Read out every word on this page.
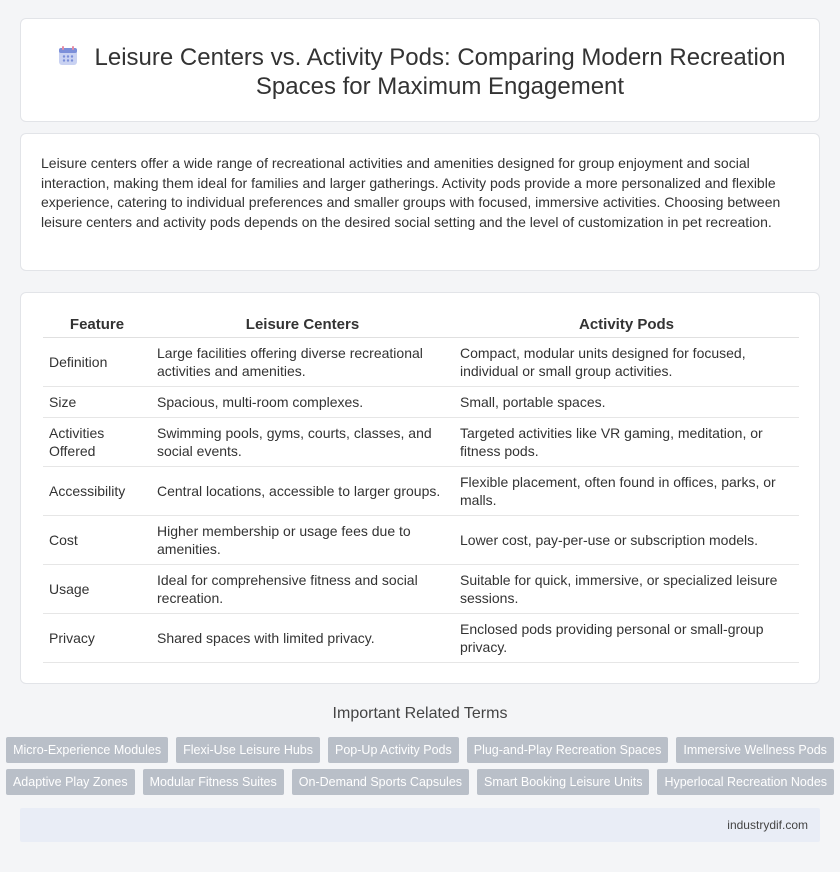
Leisure Centers vs. Activity Pods: Comparing Modern Recreation Spaces for Maximum Engagement

Leisure centers offer a wide range of recreational activities and amenities designed for group enjoyment and social interaction, making them ideal for families and larger gatherings. Activity pods provide a more personalized and flexible experience, catering to individual preferences and smaller groups with focused, immersive activities. Choosing between leisure centers and activity pods depends on the desired social setting and the level of customization in pet recreation.

Feature	Leisure Centers	Activity Pods
Definition	Large facilities offering diverse recreational activities and amenities.	Compact, modular units designed for focused, individual or small group activities.
Size	Spacious, multi-room complexes.	Small, portable spaces.
Activities Offered	Swimming pools, gyms, courts, classes, and social events.	Targeted activities like VR gaming, meditation, or fitness pods.
Accessibility	Central locations, accessible to larger groups.	Flexible placement, often found in offices, parks, or malls.
Cost	Higher membership or usage fees due to amenities.	Lower cost, pay-per-use or subscription models.
Usage	Ideal for comprehensive fitness and social recreation.	Suitable for quick, immersive, or specialized leisure sessions.
Privacy	Shared spaces with limited privacy.	Enclosed pods providing personal or small-group privacy.
Important Related Terms
Micro-Experience Modules	Flexi-Use Leisure Hubs	Pop-Up Activity Pods	Plug-and-Play Recreation Spaces	Immersive Wellness Pods
Adaptive Play Zones	Modular Fitness Suites	On-Demand Sports Capsules	Smart Booking Leisure Units	Hyperlocal Recreation Nodes
industrydif.com
